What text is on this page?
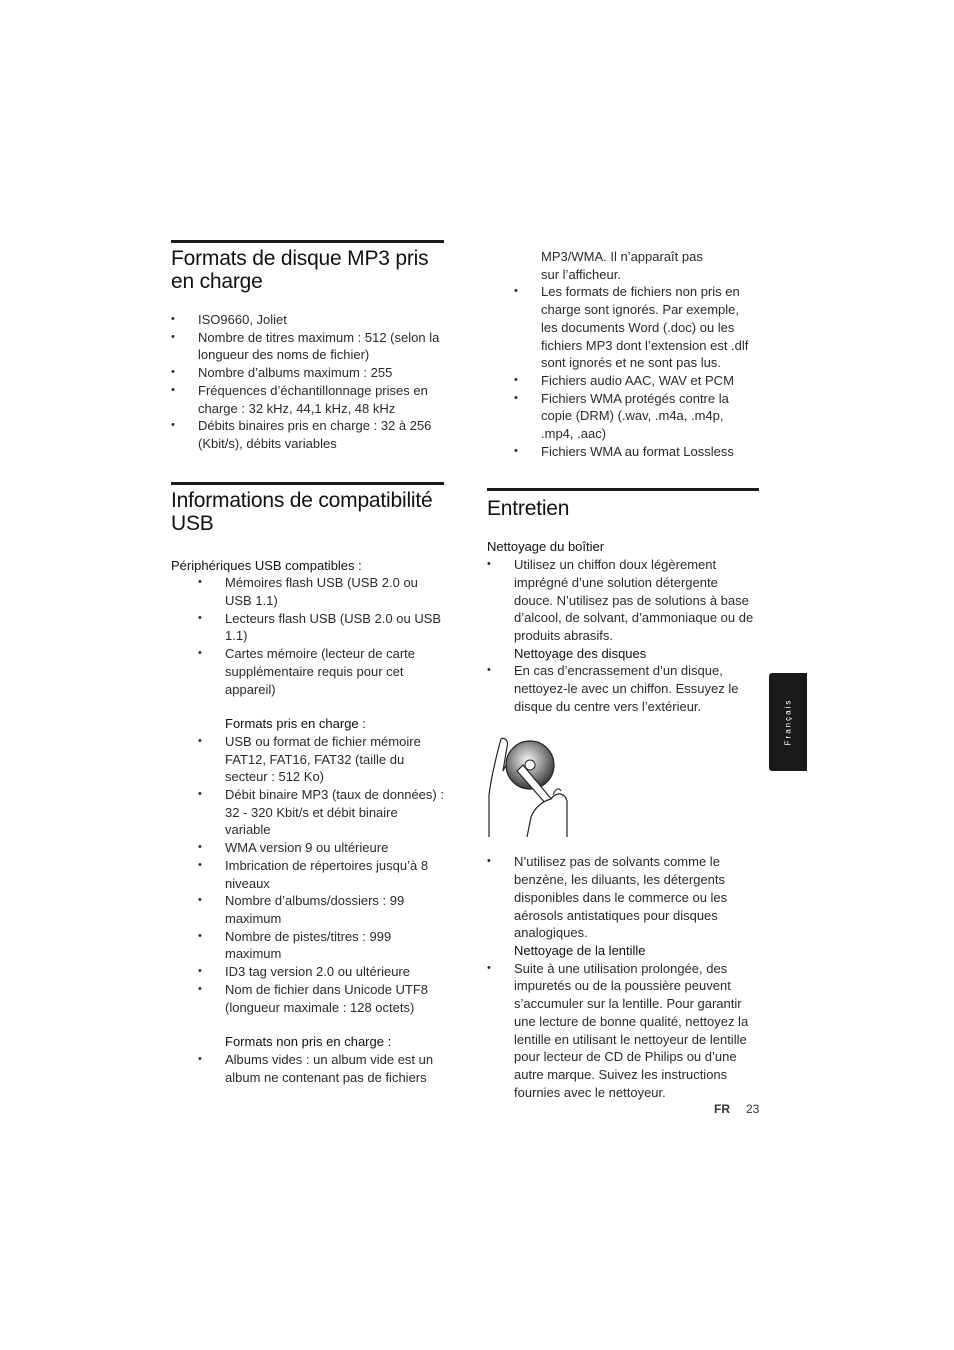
Formats de disque MP3 pris
en charge
• ISO9660, Joliet
• Nombre de titres maximum : 512 (selon la longueur des noms de fichier)
• Nombre d’albums maximum : 255
• Fréquences d’échantillonnage prises en charge : 32 kHz, 44,1 kHz, 48 kHz
• Débits binaires pris en charge : 32 à 256 (Kbit/s), débits variables
Informations de compatibilité
USB

Périphériques USB compatibles :

• Mémoires flash USB (USB 2.0 ou USB 1.1)
• Lecteurs flash USB (USB 2.0 ou USB 1.1)
• Cartes mémoire (lecteur de carte supplémentaire requis pour cet appareil)

Formats pris en charge :

• USB ou format de fichier mémoire FAT12, FAT16, FAT32 (taille du secteur : 512 Ko)
• Débit binaire MP3 (taux de données) : 32 - 320 Kbit/s et débit binaire variable
• WMA version 9 ou ultérieure
• Imbrication de répertoires jusqu’à 8 niveaux
• Nombre d’albums/dossiers : 99 maximum
• Nombre de pistes/titres : 999 maximum
• ID3 tag version 2.0 ou ultérieure
• Nom de fichier dans Unicode UTF8 (longueur maximale : 128 octets)

Formats non pris en charge :

• Albums vides : un album vide est un album ne contenant pas de fichiers

MP3/WMA. Il n’apparaît pas sur l’afficheur.

• Les formats de fichiers non pris en charge sont ignorés. Par exemple, les documents Word (.doc) ou les fichiers MP3 dont l’extension est .dlf sont ignorés et ne sont pas lus.
• Fichiers audio AAC, WAV et PCM
• Fichiers WMA protégés contre la copie (DRM) (.wav, .m4a, .m4p, .mp4, .aac)
• Fichiers WMA au format Lossless
Entretien

Nettoyage du boîtier

• Utilisez un chiffon doux légèrement imprégné d’une solution détergente douce. N’utilisez pas de solutions à base d’alcool, de solvant, d’ammoniaque ou de produits abrasifs.

Nettoyage des disques

• En cas d’encrassement d’un disque, nettoyez-le avec un chiffon. Essuyez le disque du centre vers l’extérieur.
• N’utilisez pas de solvants comme le benzène, les diluants, les détergents disponibles dans le commerce ou les aérosols antistatiques pour disques analogiques.

Nettoyage de la lentille

• Suite à une utilisation prolongée, des impuretés ou de la poussière peuvent s’accumuler sur la lentille. Pour garantir une lecture de bonne qualité, nettoyez la lentille en utilisant le nettoyeur de lentille pour lecteur de CD de Philips ou d’une autre marque. Suivez les instructions fournies avec le nettoyeur.
Français
FR 23
